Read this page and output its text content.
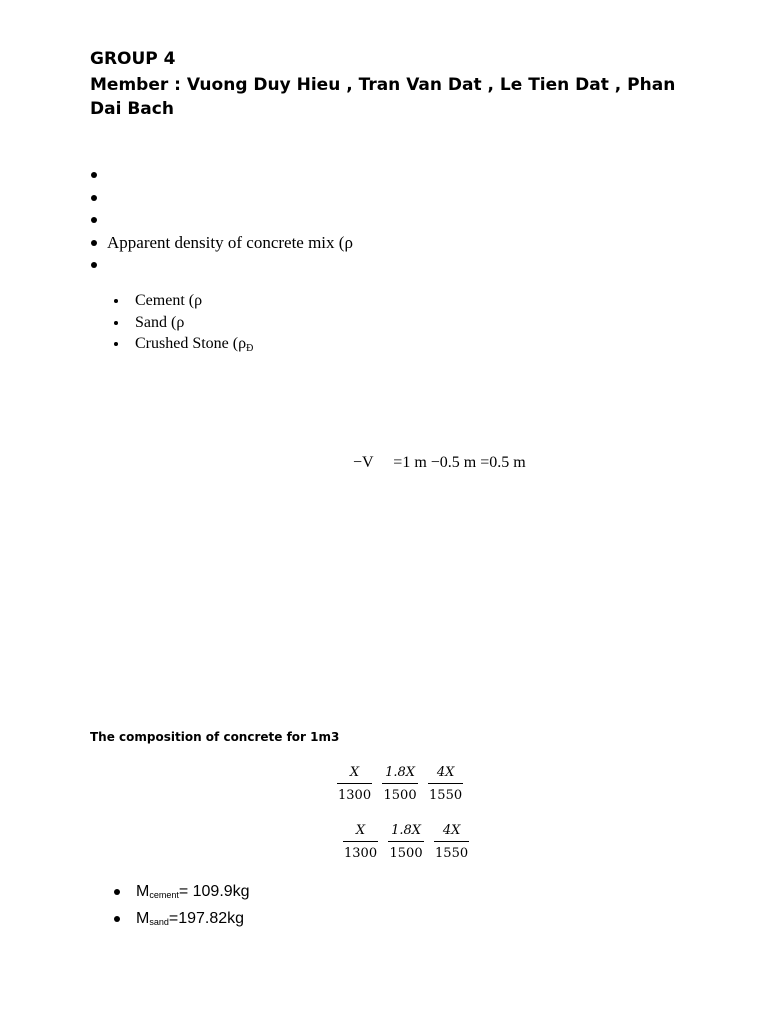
GROUP 4
Member : Vuong Duy Hieu , Tran Van Dat , Le Tien Dat , Phan Dai Bach
Apparent density of concrete mix (ρ
Cement (ρ
Sand (ρ
Crushed Stone ($\rho_Đ$
−V     =1 m −0.5 m =0.5 m
The composition of concrete for 1m3
$\frac{X}{1300} \frac{1.8X}{1500} \frac{4X}{1550}$
$\frac{X}{1300} \frac{1.8X}{1500} \frac{4X}{1550}$
Mcement= 109.9kg
Msand=197.82kg
